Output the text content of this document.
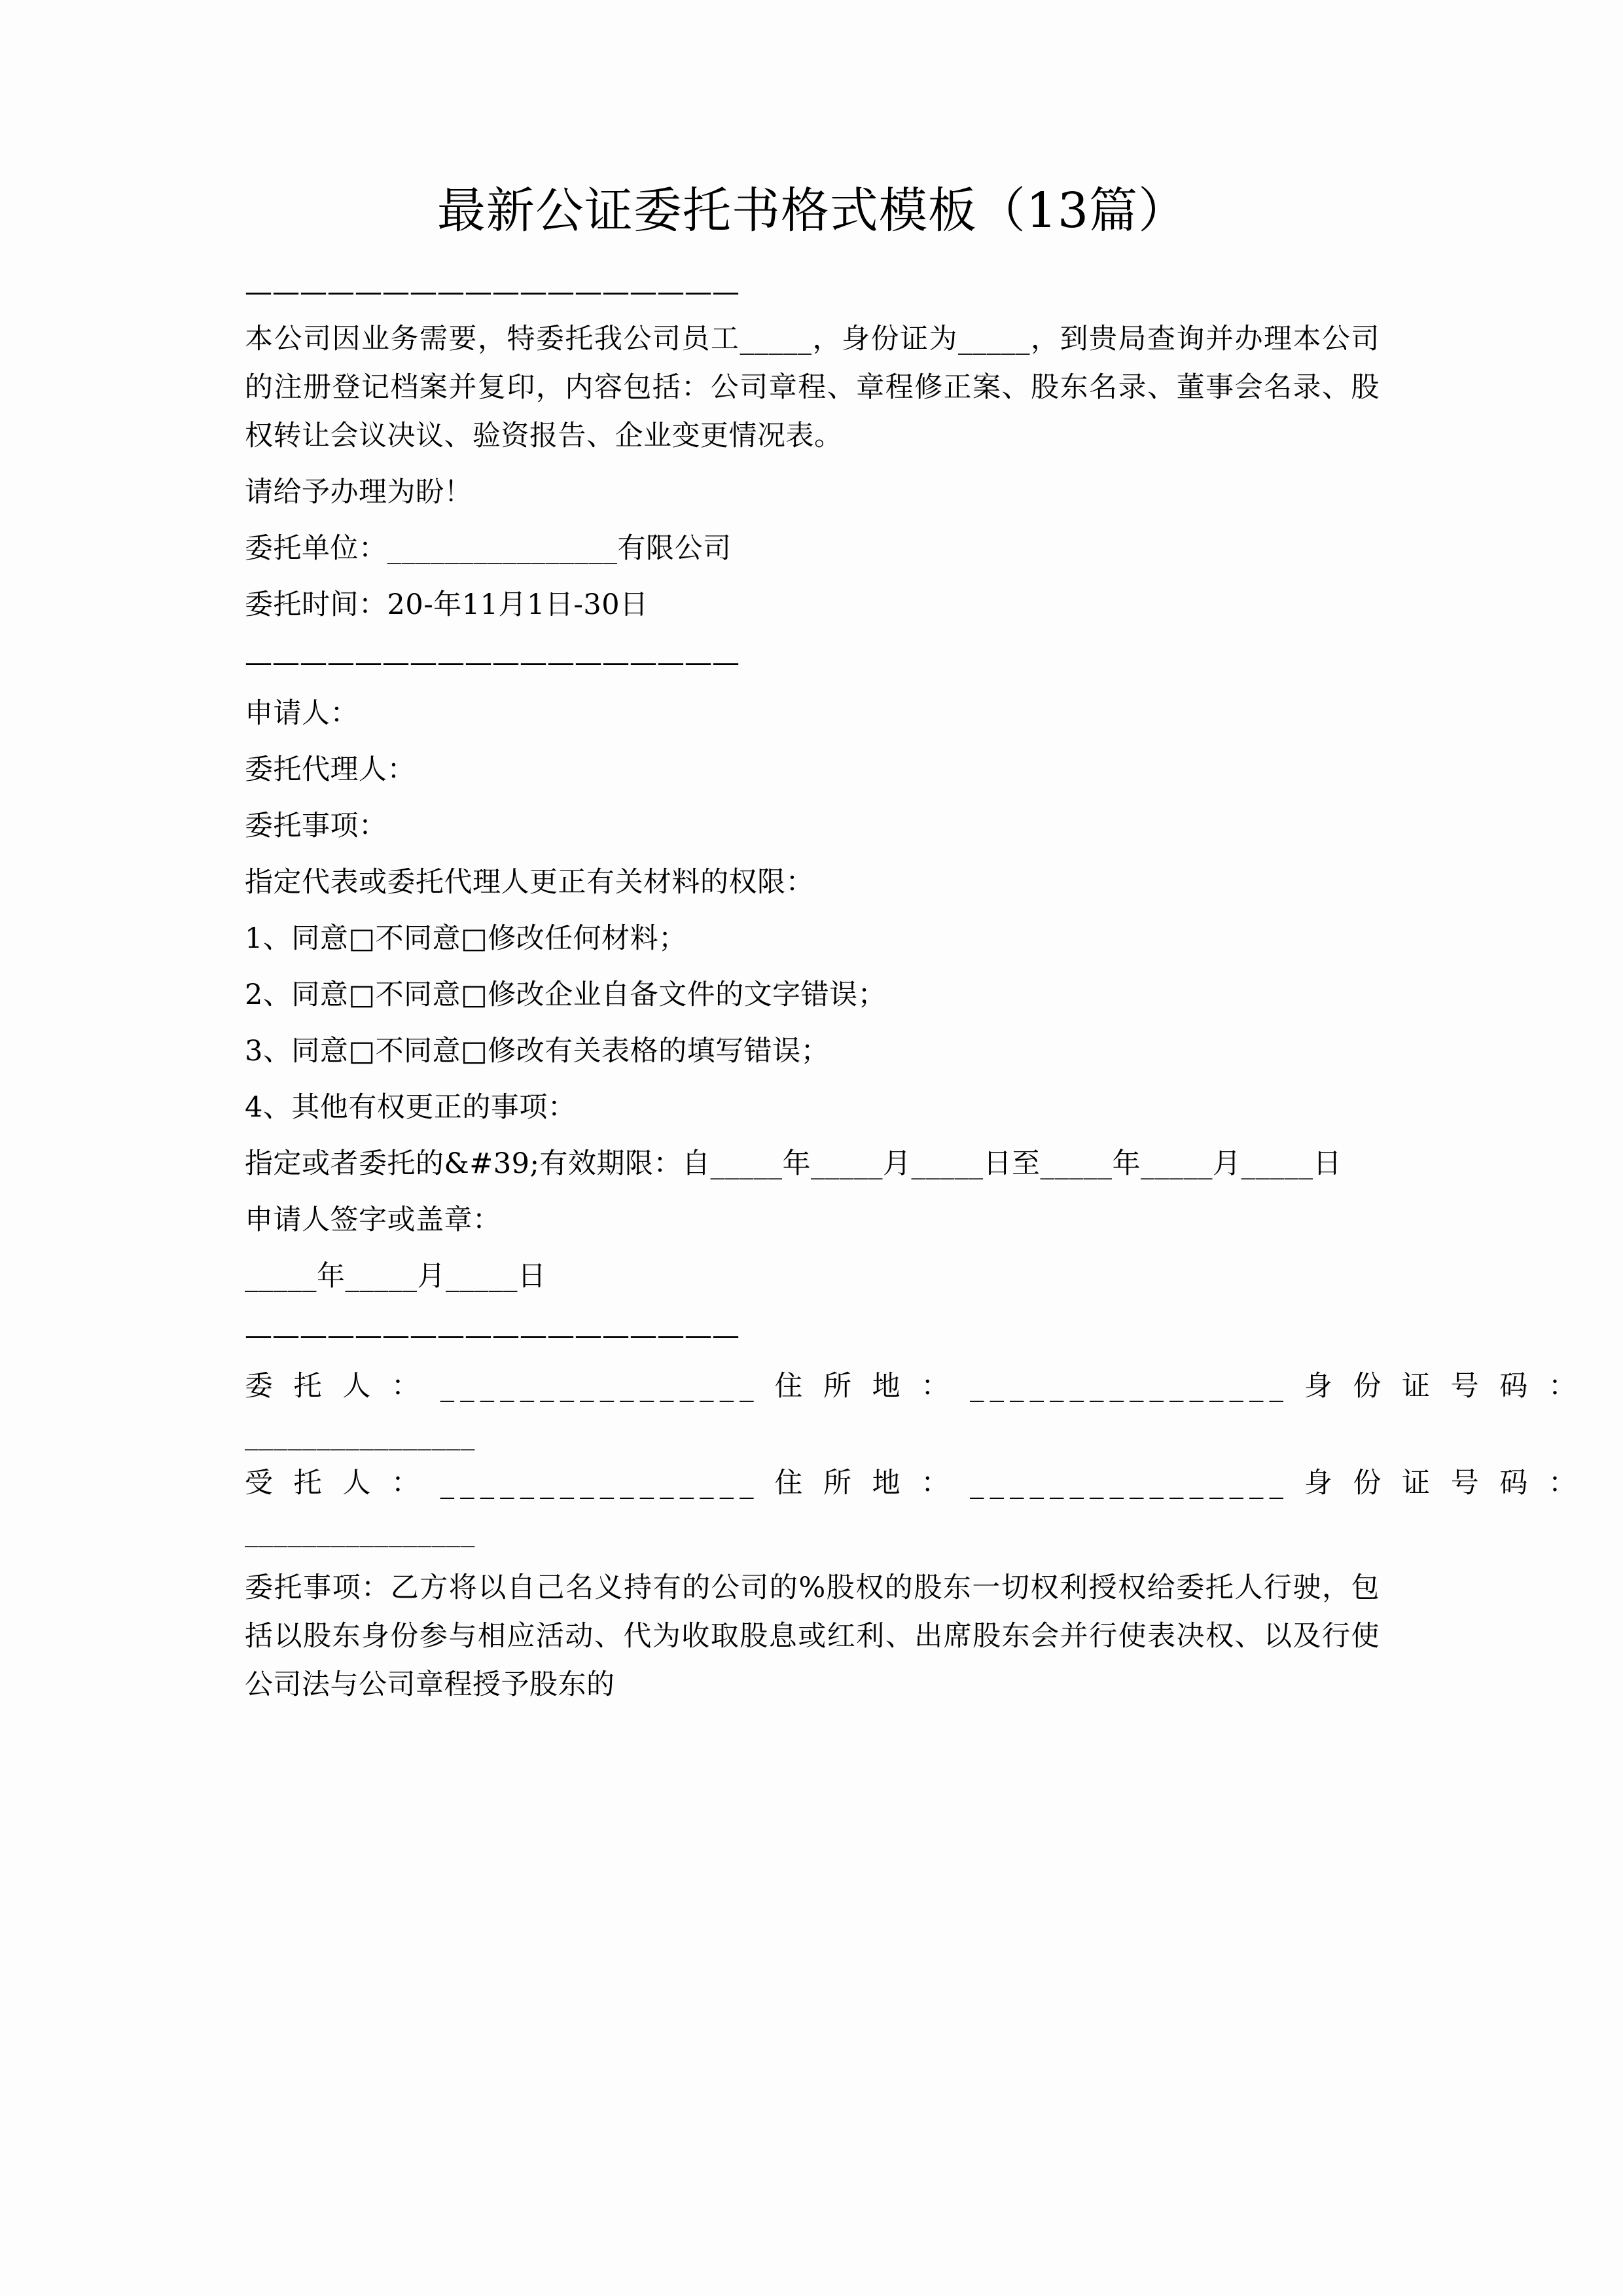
最新公证委托书格式模板（13篇）
——————————————————

本公司因业务需要，特委托我公司员工_____，身份证为_____，到贵局查询并办理本公司的注册登记档案并复印，内容包括：公司章程、章程修正案、股东名录、董事会名录、股权转让会议决议、验资报告、企业变更情况表。

请给予办理为盼！

委托单位：________________有限公司

委托时间：20-年11月1日-30日

——————————————————

申请人：

委托代理人：

委托事项：

指定代表或委托代理人更正有关材料的权限：

1、同意□不同意□修改任何材料；

2、同意□不同意□修改企业自备文件的文字错误；

3、同意□不同意□修改有关表格的填写错误；

4、其他有权更正的事项：

指定或者委托的&#39;有效期限：自_____年_____月_____日至_____年_____月_____日

申请人签字或盖章：

_____年_____月_____日

——————————————————

委 托 人 ： ________________ 住 所 地 ： ________________ 身 份 证 号 码 ：

________________

受 托 人 ： ________________ 住 所 地 ： ________________ 身 份 证 号 码 ：

________________

委托事项：乙方将以自己名义持有的公司的%股权的股东一切权利授权给委托人行驶，包括以股东身份参与相应活动、代为收取股息或红利、出席股东会并行使表决权、以及行使公司法与公司章程授予股东的
